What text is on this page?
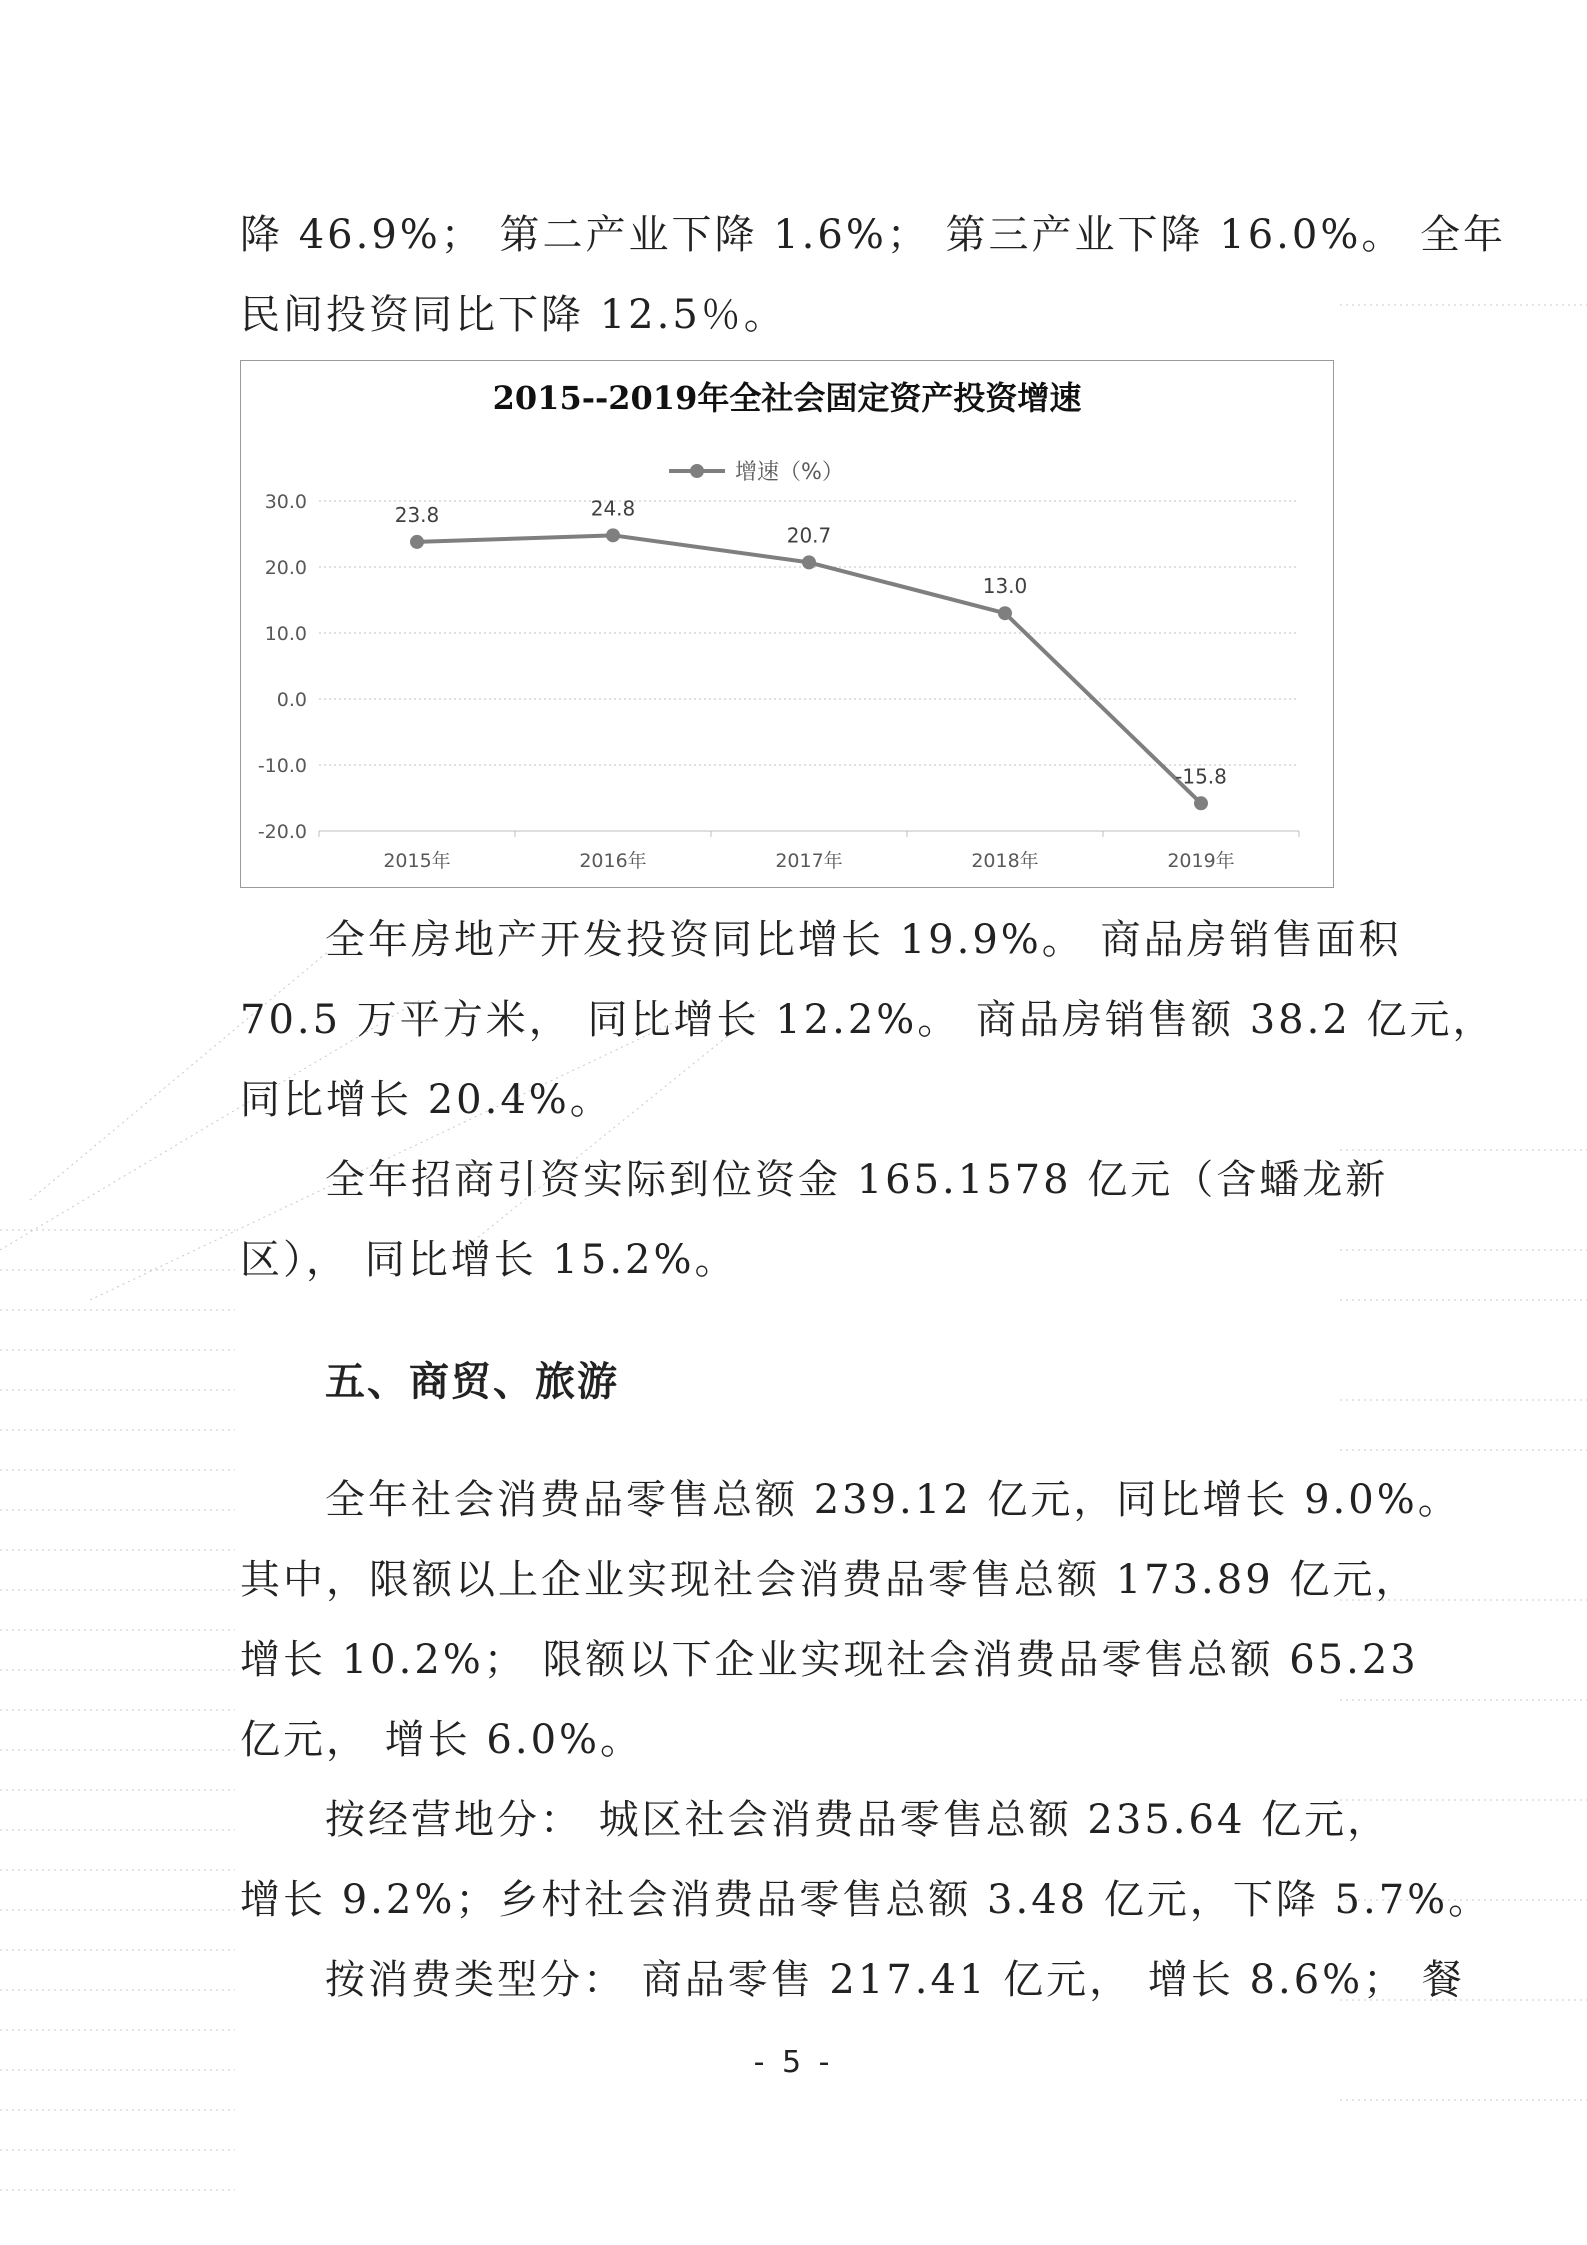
降 46.9%； 第二产业下降 1.6%； 第三产业下降 16.0%。 全年
民间投资同比下降 12.5％。
全年房地产开发投资同比增长 19.9%。 商品房销售面积
70.5 万平方米， 同比增长 12.2%。 商品房销售额 38.2 亿元，
同比增长 20.4%。
全年招商引资实际到位资金 165.1578 亿元（含蟠龙新
区）， 同比增长 15.2%。
全年社会消费品零售总额 239.12 亿元，同比增长 9.0%。
其中，限额以上企业实现社会消费品零售总额 173.89 亿元，
增长 10.2%； 限额以下企业实现社会消费品零售总额 65.23
亿元， 增长 6.0%。
按经营地分： 城区社会消费品零售总额 235.64 亿元，
增长 9.2%；乡村社会消费品零售总额 3.48 亿元，下降 5.7%。
按消费类型分： 商品零售 217.41 亿元， 增长 8.6%； 餐
五、商贸、旅游
2015--2019年全社会固定资产投资增速
增速（%）
30.0
20.0
10.0
0.0
-10.0
-20.0
2015年	2016年	2017年	2018年	2019年
23.8	24.8
20.7
13.0
-15.8
- 5 -
